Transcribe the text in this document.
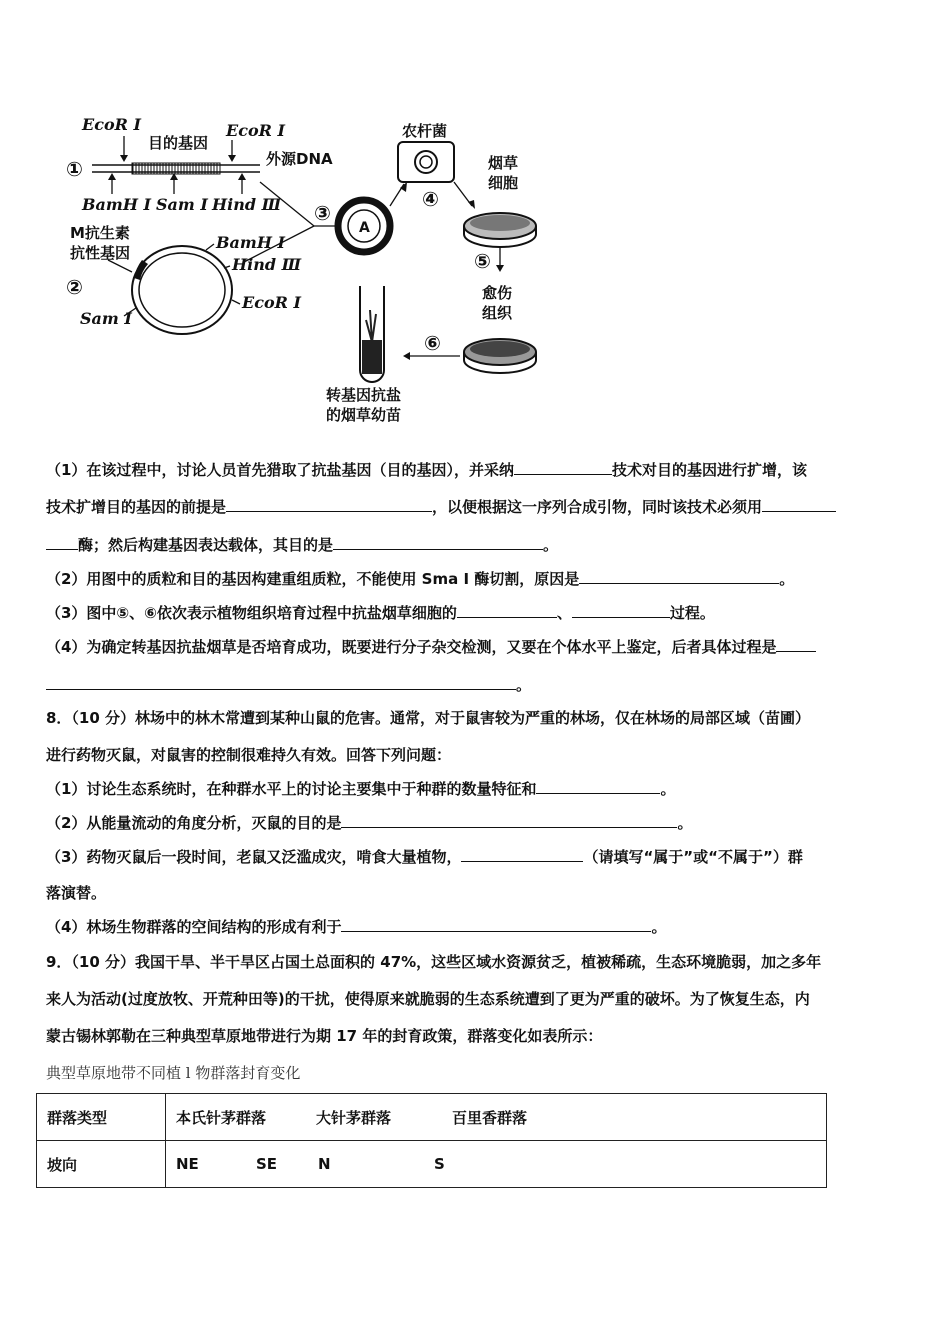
①
EcoR Ⅰ
目的基因
EcoR Ⅰ
外源DNA
BamH Ⅰ Sam Ⅰ Hind Ⅲ
M抗生素
抗性基因
②
BamH Ⅰ
Hind Ⅲ
EcoR Ⅰ
Sam Ⅰ
③
A
农杆菌
④
烟草
细胞
⑤
愈伤
组织
⑥
转基因抗盐
的烟草幼苗
（1）在该过程中，讨论人员首先猎取了抗盐基因（目的基因），并采纳	技术对目的基因进行扩增，该
技术扩增目的基因的前提是	，以便根据这一序列合成引物，同时该技术必须用
酶；然后构建基因表达载体，其目的是	。
（2）用图中的质粒和目的基因构建重组质粒，不能使用 Sma I 酶切割，原因是	。
（3）图中⑤、⑥依次表示植物组织培育过程中抗盐烟草细胞的	、	过程。
（4）为确定转基因抗盐烟草是否培育成功，既要进行分子杂交检测，又要在个体水平上鉴定，后者具体过程是
。
8．（10 分）林场中的林木常遭到某种山鼠的危害。通常，对于鼠害较为严重的林场，仅在林场的局部区域（苗圃）
进行药物灭鼠，对鼠害的控制很难持久有效。回答下列问题：
（1）讨论生态系统时，在种群水平上的讨论主要集中于种群的数量特征和	。
（2）从能量流动的角度分析，灭鼠的目的是	。
（3）药物灭鼠后一段时间，老鼠又泛滥成灾，啃食大量植物，	（请填写“属于”或“不属于”）群
落演替。
（4）林场生物群落的空间结构的形成有利于	。
9．（10 分）我国干旱、半干旱区占国土总面积的 47%，这些区域水资源贫乏，植被稀疏，生态环境脆弱，加之多年
来人为活动(过度放牧、开荒种田等)的干扰，使得原来就脆弱的生态系统遭到了更为严重的破坏。为了恢复生态，内
蒙古锡林郭勒在三种典型草原地带进行为期 17 年的封育政策，群落变化如表所示：
典型草原地带不同植 l 物群落封育变化
群落类型	本氏针茅群落 大针茅群落 百里香群落
坡向	NE SE N S
